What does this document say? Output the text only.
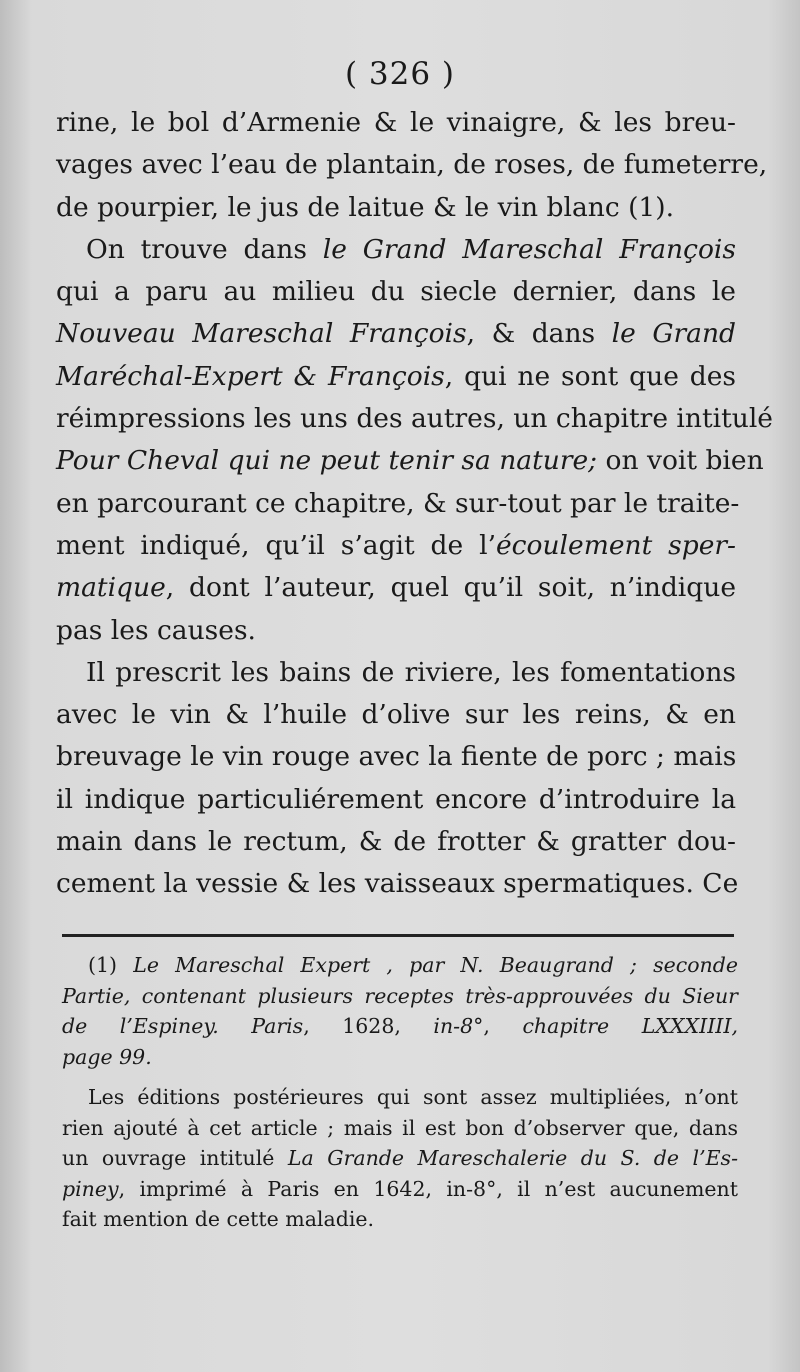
( 326 )

rine, le bol d’Armenie & le vinaigre, & les breu-
vages avec l’eau de plantain, de roses, de fumeterre,
de pourpier, le jus de laitue & le vin blanc (1).

On trouve dans le Grand Mareschal François
qui a paru au milieu du siecle dernier, dans le
Nouveau Mareschal François, & dans le Grand
Maréchal-Expert & François, qui ne sont que des
réimpressions les uns des autres, un chapitre intitulé
Pour Cheval qui ne peut tenir sa nature; on voit bien
en parcourant ce chapitre, & sur-tout par le traite-
ment indiqué, qu’il s’agit de l’écoulement sper-
matique, dont l’auteur, quel qu’il soit, n’indique
pas les causes.

Il prescrit les bains de riviere, les fomentations
avec le vin & l’huile d’olive sur les reins, & en
breuvage le vin rouge avec la fiente de porc ; mais
il indique particuliérement encore d’introduire la
main dans le rectum, & de frotter & gratter dou-
cement la vessie & les vaisseaux spermatiques. Ce

(1) Le Mareschal Expert , par N. Beaugrand ; seconde
Partie, contenant plusieurs receptes très-approuvées du Sieur
de l’Espiney. Paris, 1628, in-8°, chapitre LXXXIIII,
page 99.
Les éditions postérieures qui sont assez multipliées, n’ont
rien ajouté à cet article ; mais il est bon d’observer que, dans
un ouvrage intitulé La Grande Mareschalerie du S. de l’Es-
piney, imprimé à Paris en 1642, in-8°, il n’est aucunement
fait mention de cette maladie.
